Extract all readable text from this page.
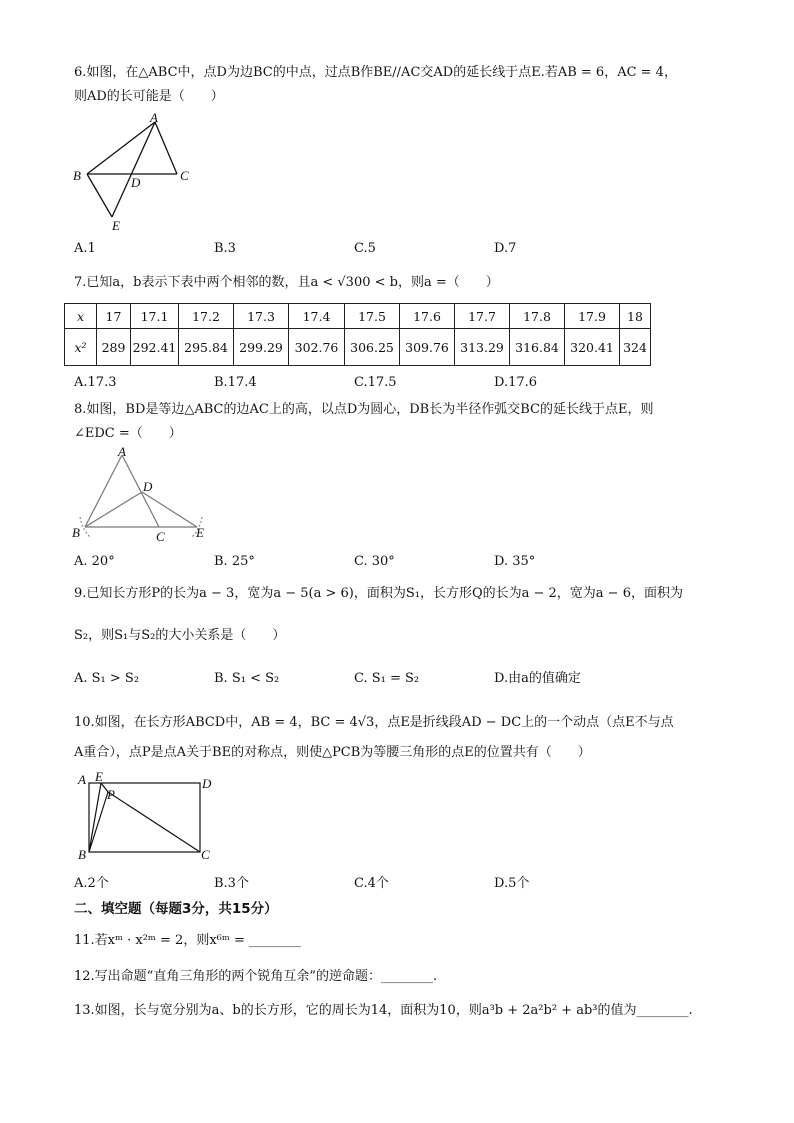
6.如图，在△ABC中，点D为边BC的中点，过点B作BE//AC交AD的延长线于点E.若AB = 6，AC = 4，
则AD的长可能是（　　）
A
B	C
D
E
A.1	B.3	C.5	D.7
7.已知a，b表示下表中两个相邻的数，且a < √300 < b，则a =（　　）
x	17	17.1	17.2	17.3	17.4	17.5	17.6	17.7	17.8	17.9	18
x²	289	292.41	295.84	299.29	302.76	306.25	309.76	313.29	316.84	320.41	324
A.17.3	B.17.4	C.17.5	D.17.6
8.如图，BD是等边△ABC的边AC上的高，以点D为圆心，DB长为半径作弧交BC的延长线于点E，则
∠EDC =（　　）
A
B	C
D
E
A. 20°	B. 25°	C. 30°	D. 35°
9.已知长方形P的长为a − 3，宽为a − 5(a > 6)，面积为S₁，长方形Q的长为a − 2，宽为a − 6，面积为
S₂，则S₁与S₂的大小关系是（　　）
A. S₁ > S₂	B. S₁ < S₂	C. S₁ = S₂	D.由a的值确定
10.如图，在长方形ABCD中，AB = 4，BC = 4√3，点E是折线段AD − DC上的一个动点（点E不与点
A重合），点P是点A关于BE的对称点，则使△PCB为等腰三角形的点E的位置共有（　　）
A E	D
P
B	C
A.2个	B.3个	C.4个	D.5个
二、填空题（每题3分，共15分）
11.若xᵐ · x²ᵐ = 2，则x⁶ᵐ = ________
12.写出命题“直角三角形的两个锐角互余”的逆命题：________.
13.如图，长与宽分别为a、b的长方形，它的周长为14，面积为10，则a³b + 2a²b² + ab³的值为________.
